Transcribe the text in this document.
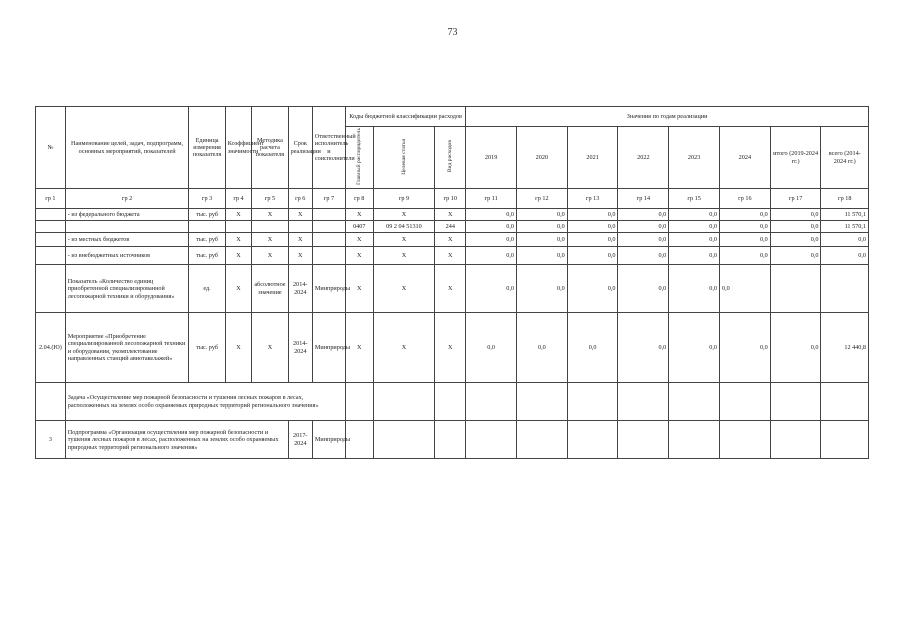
73
№	Наименование целей, задач, подпрограмм, основных мероприятий, показателей	Единица измерения показателя	Коэффициент значимости	Методика расчета показателя	Срок реализации	Ответственный исполнитель и соисполнители	Коды бюджетной классификации расходов			Значения по годам реализации							
							Главный распорядитель	Целевая статья	Вид расходов	2019	2020	2021	2022	2023	2024	итого (2019-2024 гг.)	всего (2014-2024 гг.)
гр 1	гр 2	гр 3	гр 4	гр 5	гр 6	гр 7	гр 8	гр 9	гр 10	гр 11	гр 12	гр 13	гр 14	гр 15	гр 16	гр 17	гр 18
	- из федерального бюджета	тыс. руб	X	X	X		X	X	X	0,0	0,0	0,0	0,0	0,0	0,0	0,0	11 570,1
							0407	09 2 04 51310	244	0,0	0,0	0,0	0,0	0,0	0,0	0,0	11 570,1
	- из местных бюджетов	тыс. руб	X	X	X		X	X	X	0,0	0,0	0,0	0,0	0,0	0,0	0,0	0,0
	- из внебюджетных источников	тыс. руб	X	X	X		X	X	X	0,0	0,0	0,0	0,0	0,0	0,0	0,0	0,0
	Показатель «Количество единиц приобретенной специализированной лесопожарной техники и оборудования»	ед.	X	абсолютное значение	2014-2024	Минприроды	X	X	X	0,0	0,0	0,0	0,0	0,0	0,0		
2.04.(Ю)	Мероприятие «Приобретение специализированной лесопожарной техники и оборудования, укомплектование направленных станций авиотакелажей»	тыс. руб	X	X	2014-2024	Минприроды	X	X	X	0,0	0,0	0,0	0,0	0,0	0,0	0,0	12 440,8
	Задача «Осуществление мер пожарной безопасности и тушения лесных пожаров в лесах, расположенных на землях особо охраняемых природных территорий регионального значения»																
3	Подпрограмма «Организация осуществления мер пожарной безопасности и тушения лесных пожаров в лесах, расположенных на землях особо охраняемых природных территорий регионального значения»				2017-2024	Минприроды											
